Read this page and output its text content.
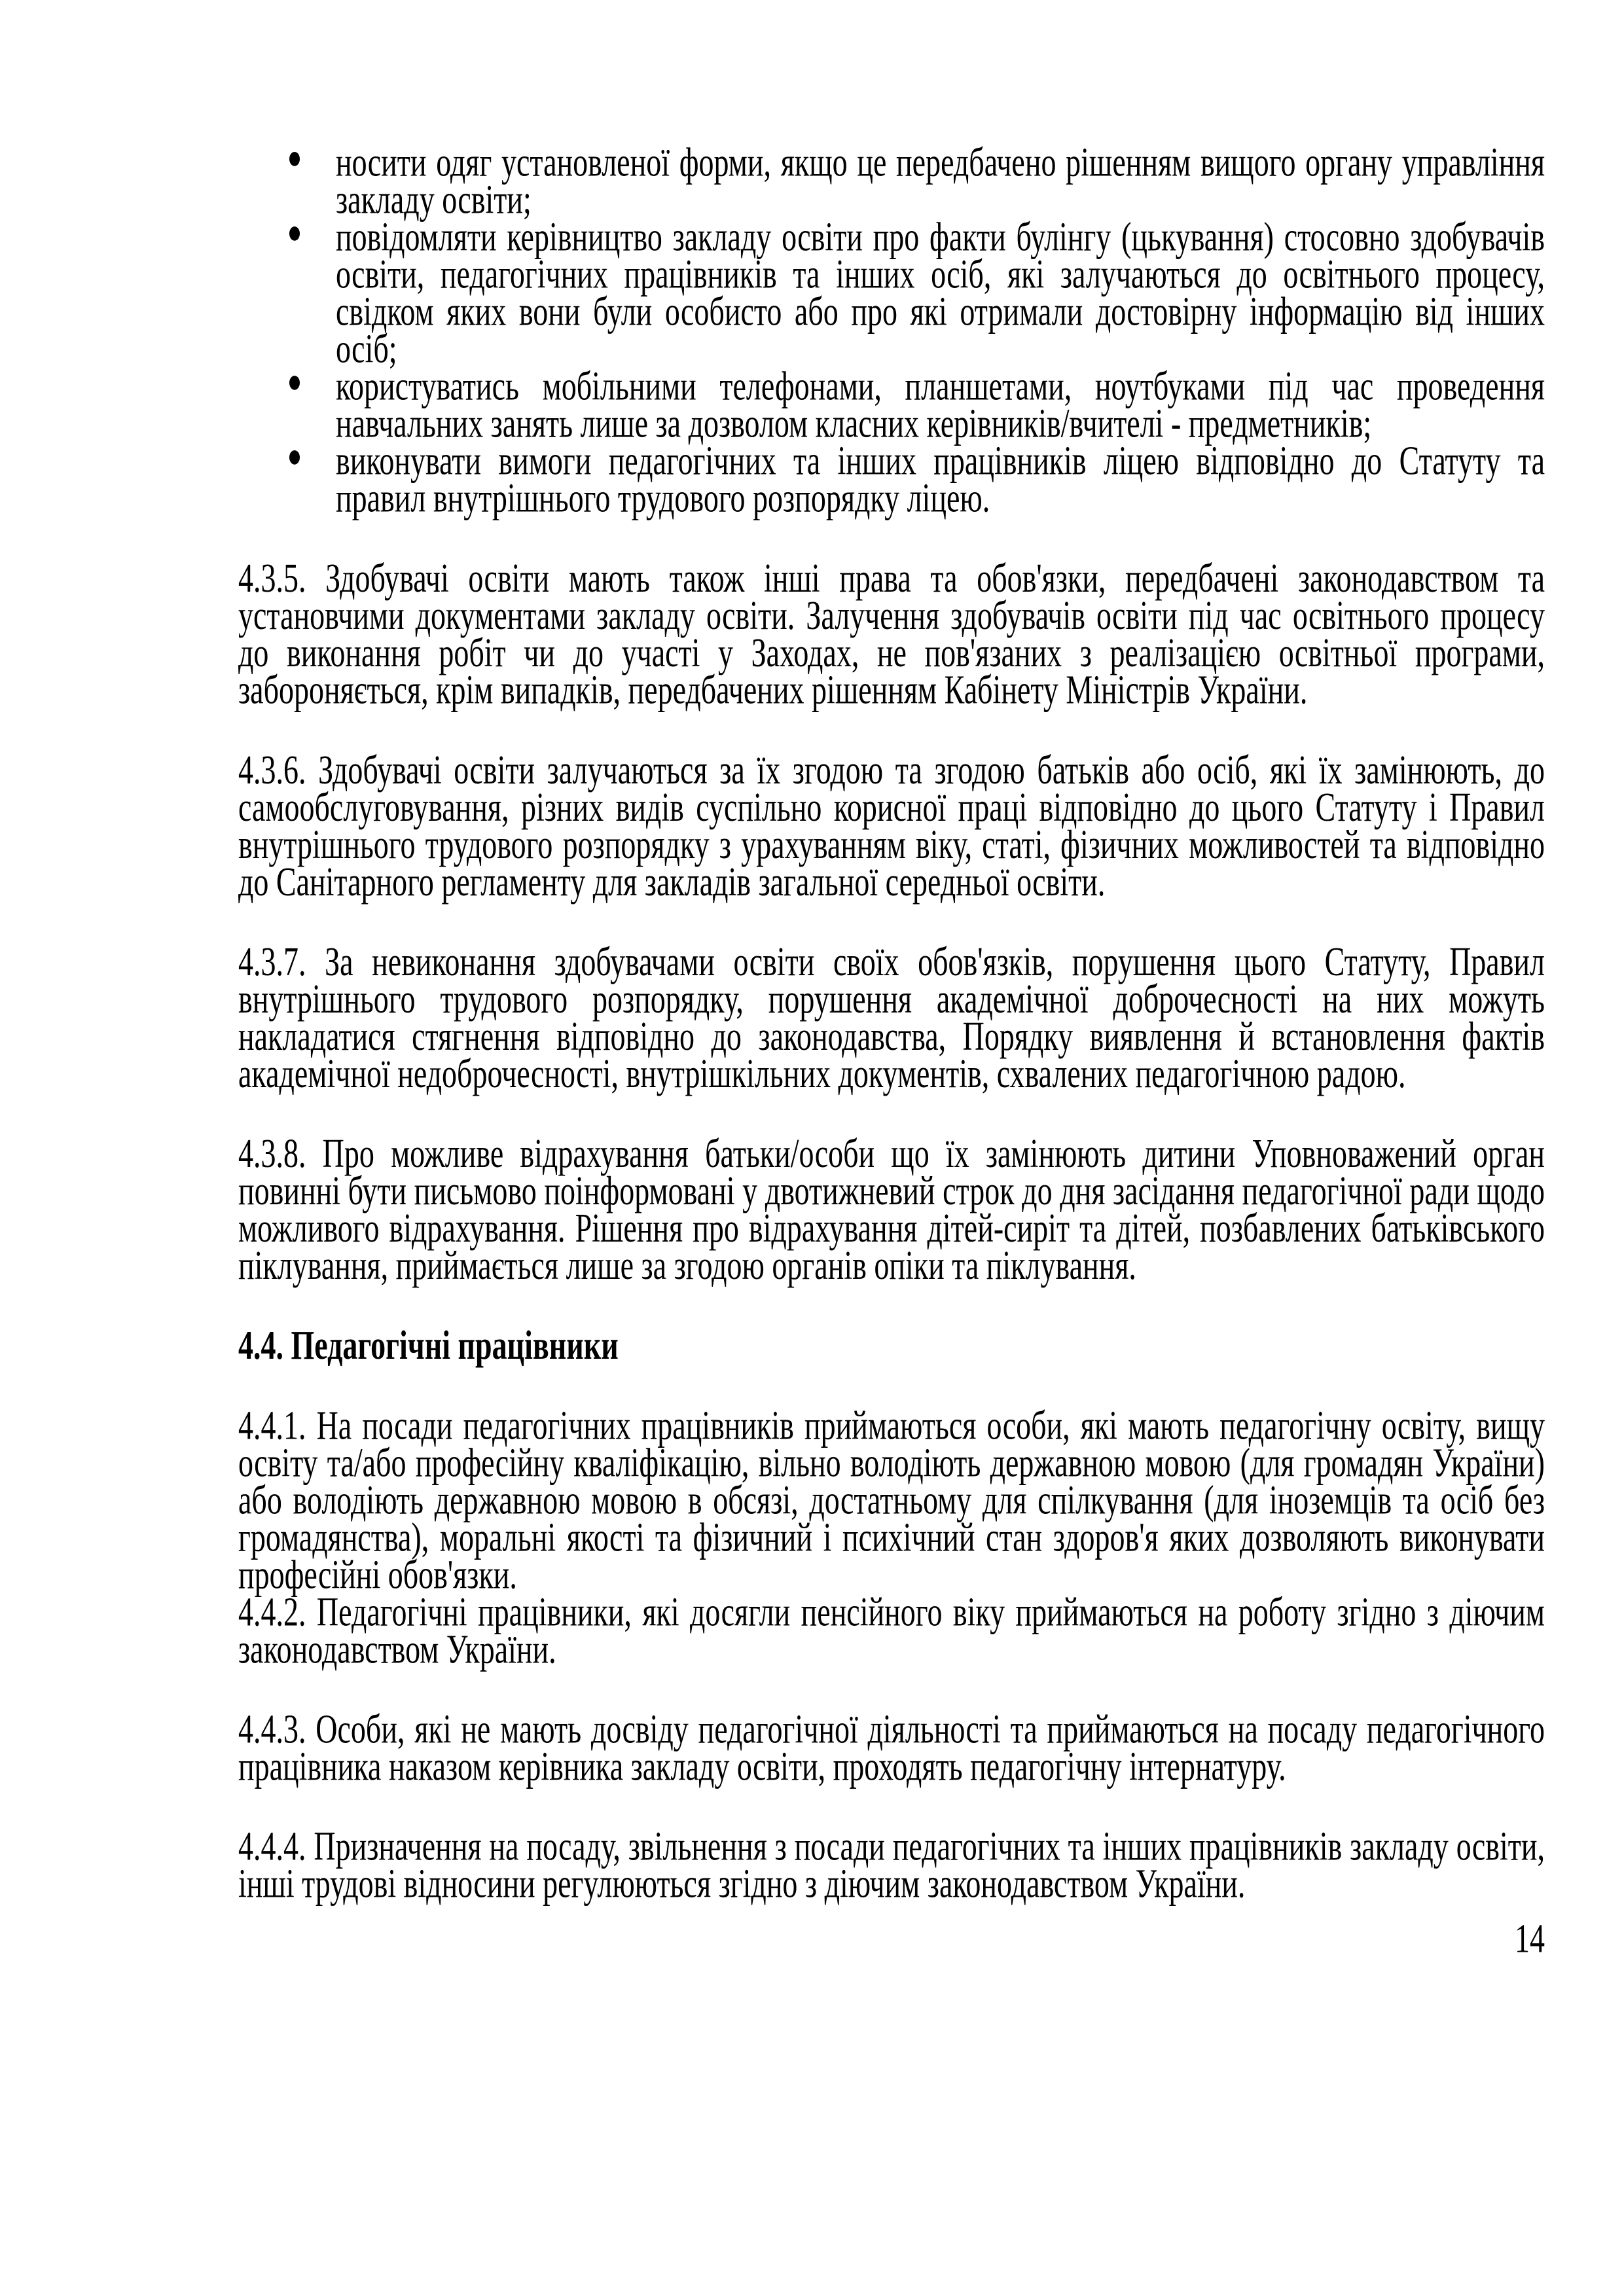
носити одяг установленої форми, якщо це передбачено рішенням вищого органу управління закладу освіти;
повідомляти керівництво закладу освіти про факти булінгу (цькування) стосовно здобувачів освіти, педагогічних працівників та інших осіб, які залучаються до освітнього процесу, свідком яких вони були особисто або про які отримали достовірну інформацію від інших осіб;
користуватись мобільними телефонами, планшетами, ноутбуками під час проведення навчальних занять лише за дозволом класних керівників/вчителі - предметників;
виконувати вимоги педагогічних та інших працівників ліцею відповідно до Статуту та правил внутрішнього трудового розпорядку ліцею.

4.3.5. Здобувачі освіти мають також інші права та обов'язки, передбачені законодавством та установчими документами закладу освіти. Залучення здобувачів освіти під час освітнього процесу до виконання робіт чи до участі у Заходах, не пов'язаних з реалізацією освітньої програми, забороняється, крім випадків, передбачених рішенням Кабінету Міністрів України.

4.3.6. Здобувачі освіти залучаються за їх згодою та згодою батьків або осіб, які їх замінюють, до самообслуговування, різних видів суспільно корисної праці відповідно до цього Статуту і Правил внутрішнього трудового розпорядку з урахуванням віку, статі, фізичних можливостей та відповідно до Санітарного регламенту для закладів загальної середньої освіти.

4.3.7. За невиконання здобувачами освіти своїх обов'язків, порушення цього Статуту, Правил внутрішнього трудового розпорядку, порушення академічної доброчесності на них можуть накладатися стягнення відповідно до законодавства, Порядку виявлення й встановлення фактів академічної недоброчесності, внутрішкільних документів, схвалених педагогічною радою.

4.3.8. Про можливе відрахування батьки/особи що їх замінюють дитини Уповноважений орган повинні бути письмово поінформовані у двотижневий строк до дня засідання педагогічної ради щодо можливого відрахування. Рішення про відрахування дітей-сиріт та дітей, позбавлених батьківського піклування, приймається лише за згодою органів опіки та піклування.

4.4. Педагогічні працівники

4.4.1. На посади педагогічних працівників приймаються особи, які мають педагогічну освіту, вищу освіту та/або професійну кваліфікацію, вільно володіють державною мовою (для громадян України) або володіють державною мовою в обсязі, достатньому для спілкування (для іноземців та осіб без громадянства), моральні якості та фізичний і психічний стан здоров'я яких дозволяють виконувати професійні обов'язки.

4.4.2. Педагогічні працівники, які досягли пенсійного віку приймаються на роботу згідно з діючим законодавством України.

4.4.3. Особи, які не мають досвіду педагогічної діяльності та приймаються на посаду педагогічного працівника наказом керівника закладу освіти, проходять педагогічну інтернатуру.

4.4.4. Призначення на посаду, звільнення з посади педагогічних та інших працівників закладу освіти, інші трудові відносини регулюються згідно з діючим законодавством України.

14
